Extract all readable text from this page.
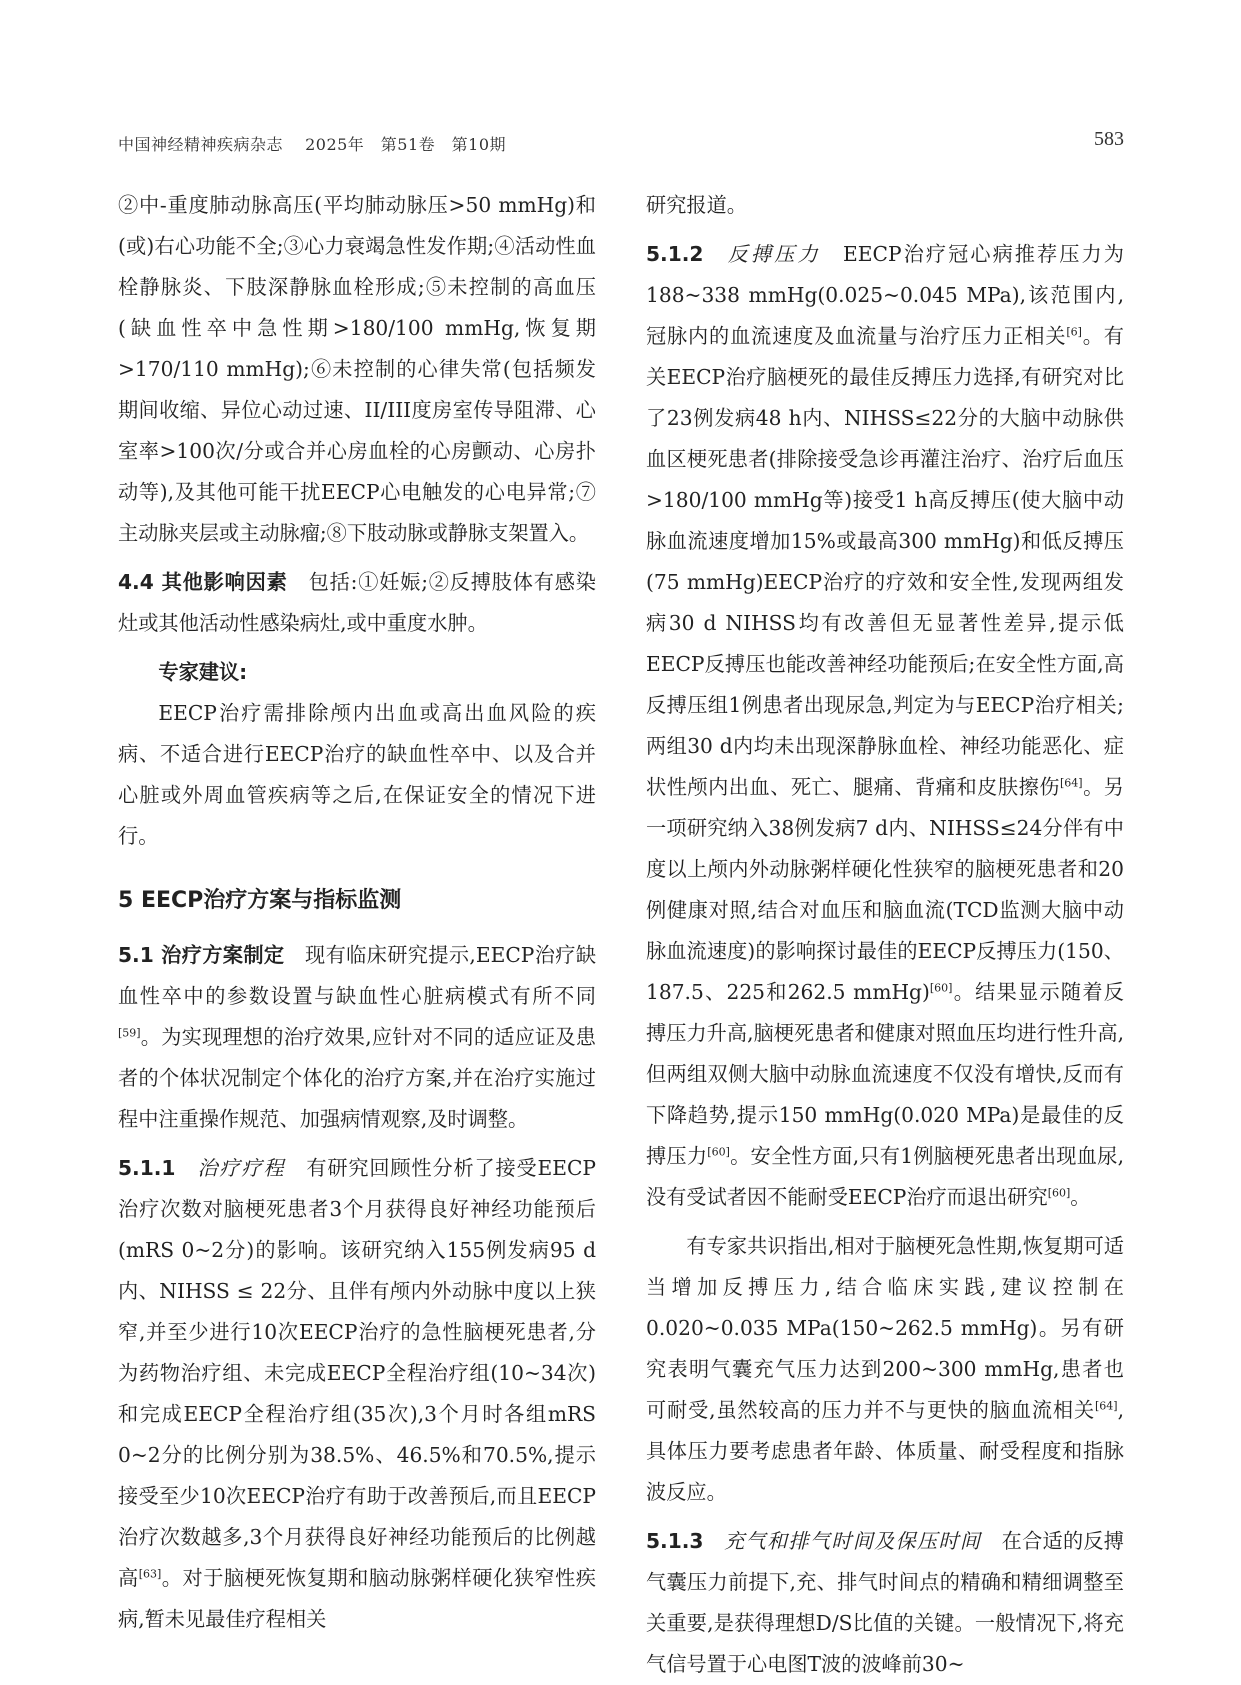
中国神经精神疾病杂志　 2025年　第51卷　第10期	583

②中-重度肺动脉高压(平均肺动脉压>50 mmHg)和(或)右心功能不全;③心力衰竭急性发作期;④活动性血栓静脉炎、下肢深静脉血栓形成;⑤未控制的高血压(缺血性卒中急性期>180/100 mmHg,恢复期>170/110 mmHg);⑥未控制的心律失常(包括频发期间收缩、异位心动过速、II/III度房室传导阻滞、心室率>100次/分或合并心房血栓的心房颤动、心房扑动等),及其他可能干扰EECP心电触发的心电异常;⑦主动脉夹层或主动脉瘤;⑧下肢动脉或静脉支架置入。

4.4 其他影响因素　 包括:①妊娠;②反搏肢体有感染灶或其他活动性感染病灶,或中重度水肿。

专家建议:

EECP治疗需排除颅内出血或高出血风险的疾病、不适合进行EECP治疗的缺血性卒中、以及合并心脏或外周血管疾病等之后,在保证安全的情况下进行。

5 EECP治疗方案与指标监测

5.1 治疗方案制定　 现有临床研究提示,EECP治疗缺血性卒中的参数设置与缺血性心脏病模式有所不同[59]。为实现理想的治疗效果,应针对不同的适应证及患者的个体状况制定个体化的治疗方案,并在治疗实施过程中注重操作规范、加强病情观察,及时调整。

5.1.1　 治疗疗程　 有研究回顾性分析了接受EECP治疗次数对脑梗死患者3个月获得良好神经功能预后(mRS 0~2分)的影响。该研究纳入155例发病95 d内、NIHSS ≤ 22分、且伴有颅内外动脉中度以上狭窄,并至少进行10次EECP治疗的急性脑梗死患者,分为药物治疗组、未完成EECP全程治疗组(10~34次)和完成EECP全程治疗组(35次),3个月时各组mRS 0~2分的比例分别为38.5%、46.5%和70.5%,提示接受至少10次EECP治疗有助于改善预后,而且EECP治疗次数越多,3个月获得良好神经功能预后的比例越高[63]。对于脑梗死恢复期和脑动脉粥样硬化狭窄性疾病,暂未见最佳疗程相关

研究报道。

5.1.2　 反搏压力　 EECP治疗冠心病推荐压力为188~338 mmHg(0.025~0.045 MPa),该范围内,冠脉内的血流速度及血流量与治疗压力正相关[6]。有关EECP治疗脑梗死的最佳反搏压力选择,有研究对比了23例发病48 h内、NIHSS≤22分的大脑中动脉供血区梗死患者(排除接受急诊再灌注治疗、治疗后血压>180/100 mmHg等)接受1 h高反搏压(使大脑中动脉血流速度增加15%或最高300 mmHg)和低反搏压(75 mmHg)EECP治疗的疗效和安全性,发现两组发病30 d NIHSS均有改善但无显著性差异,提示低EECP反搏压也能改善神经功能预后;在安全性方面,高反搏压组1例患者出现尿急,判定为与EECP治疗相关;两组30 d内均未出现深静脉血栓、神经功能恶化、症状性颅内出血、死亡、腿痛、背痛和皮肤擦伤[64]。另一项研究纳入38例发病7 d内、NIHSS≤24分伴有中度以上颅内外动脉粥样硬化性狭窄的脑梗死患者和20例健康对照,结合对血压和脑血流(TCD监测大脑中动脉血流速度)的影响探讨最佳的EECP反搏压力(150、187.5、225和262.5 mmHg)[60]。结果显示随着反搏压力升高,脑梗死患者和健康对照血压均进行性升高,但两组双侧大脑中动脉血流速度不仅没有增快,反而有下降趋势,提示150 mmHg(0.020 MPa)是最佳的反搏压力[60]。安全性方面,只有1例脑梗死患者出现血尿,没有受试者因不能耐受EECP治疗而退出研究[60]。

有专家共识指出,相对于脑梗死急性期,恢复期可适当增加反搏压力,结合临床实践,建议控制在0.020~0.035 MPa(150~262.5 mmHg)。另有研究表明气囊充气压力达到200~300 mmHg,患者也可耐受,虽然较高的压力并不与更快的脑血流相关[64],具体压力要考虑患者年龄、体质量、耐受程度和指脉波反应。

5.1.3　 充气和排气时间及保压时间　 在合适的反搏气囊压力前提下,充、排气时间点的精确和精细调整至关重要,是获得理想D/S比值的关键。一般情况下,将充气信号置于心电图T波的波峰前30~
